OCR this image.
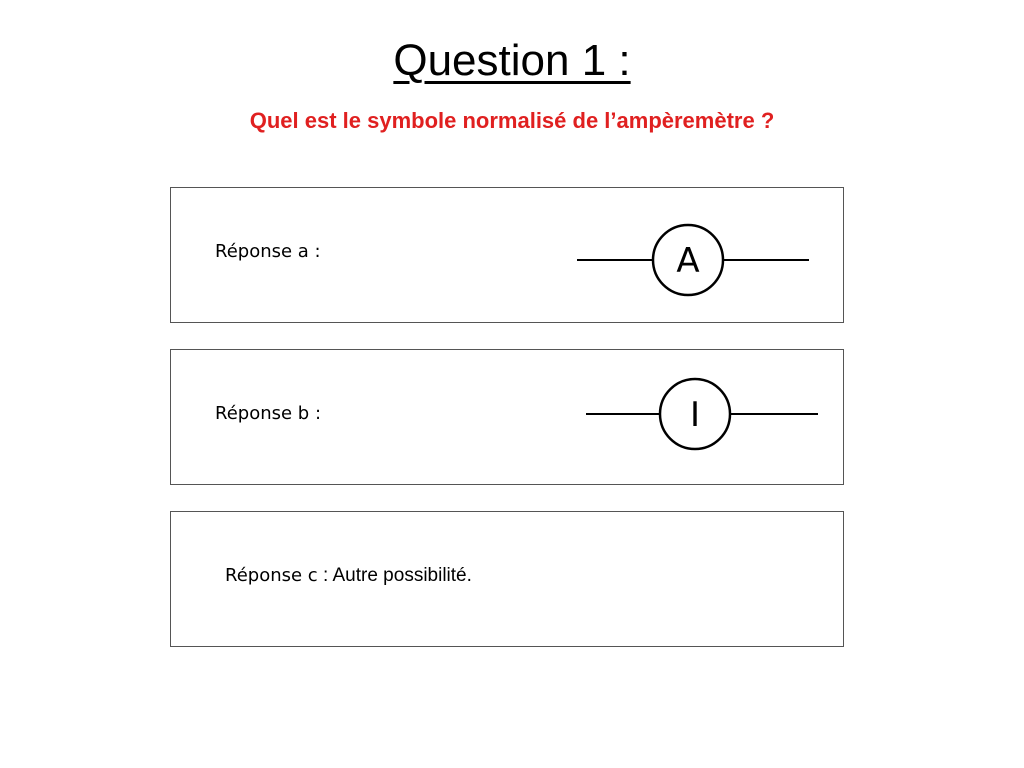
Question 1 :
Quel est le symbole normalisé de l’ampèremètre ?
Réponse a :	A
Réponse b :	I
Réponse c : Autre possibilité.
